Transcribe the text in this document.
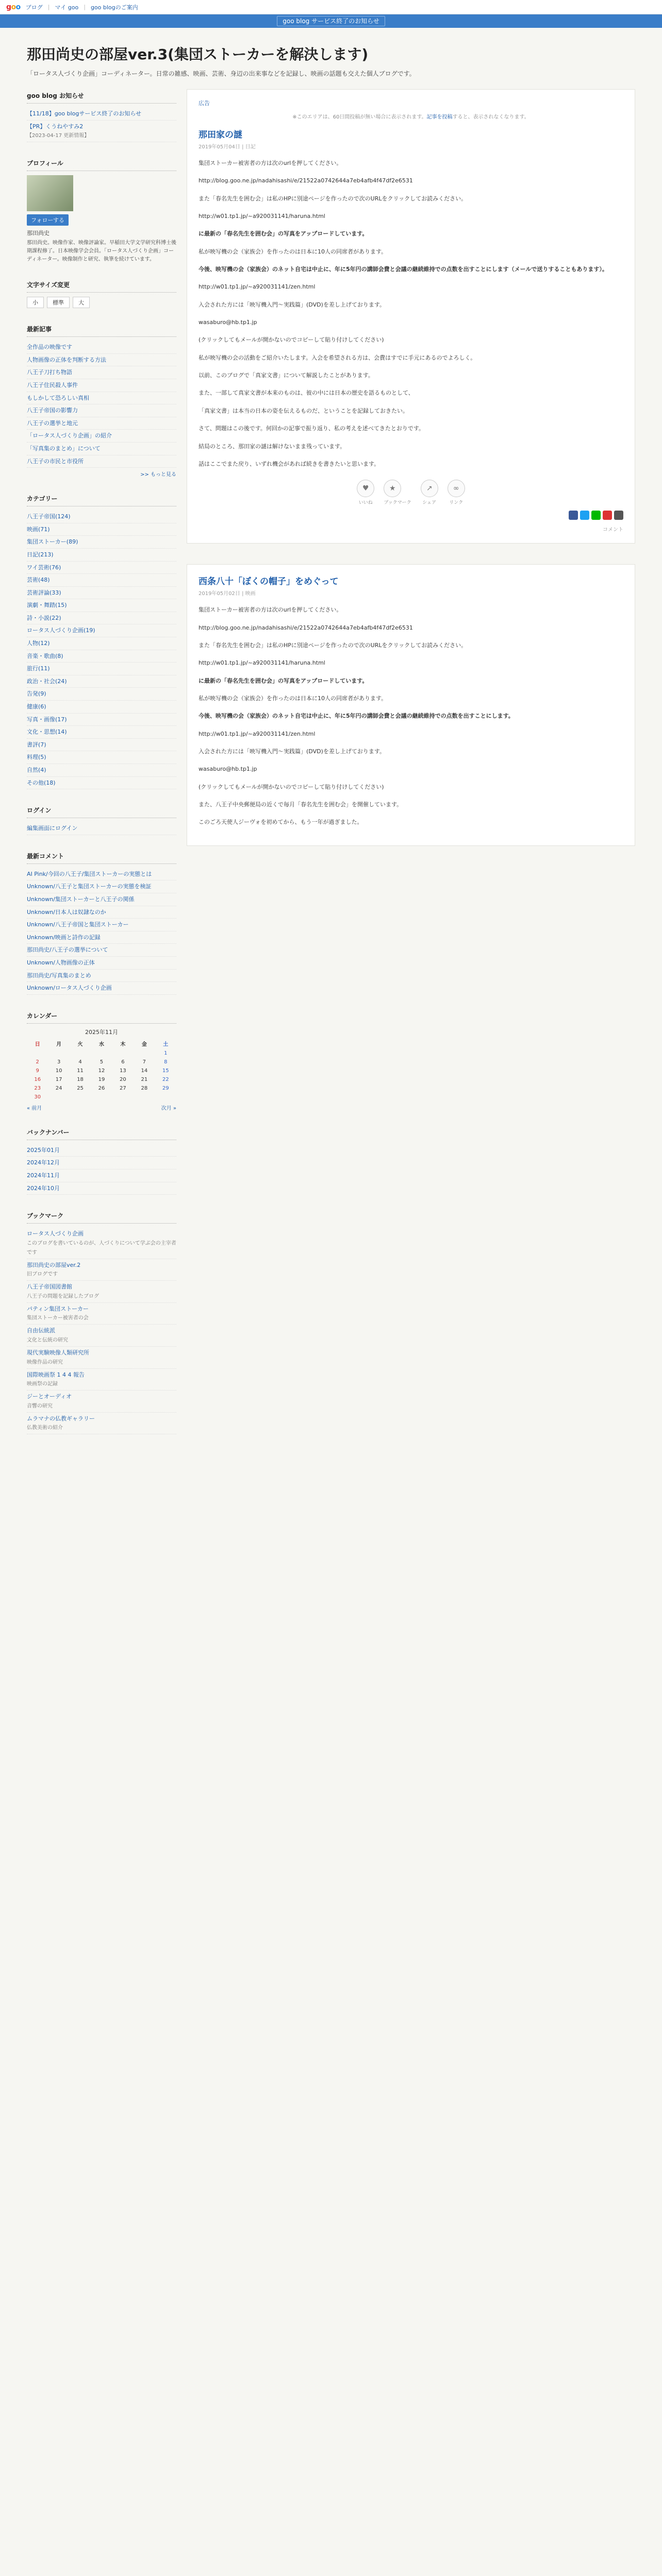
goo ブログ | マイ goo | goo blogのご案内
goo blog サービス終了のお知らせ
那田尚史の部屋ver.3(集団ストーカーを解決します)
「ロータス人づくり企画」コーディネーター。日常の雑感、映画、芸術、身辺の出来事などを記録し、映画の話題も交えた個人ブログです。
goo blog お知らせ
【11/18】goo blogサービス終了のお知らせ
【PR】くうねやすみ2
【2023-04-17 更新情報】
プロフィール
フォローする
那田尚史
那田尚史。映像作家、映像評論家。早稲田大学文学研究科博士後期課程修了。日本映像学会会員。「ロータス人づくり企画」コーディネーター。映像制作と研究、執筆を続けています。
文字サイズ変更
小	標準	大
最新記事
全作品の映像です
人物画像の正体を判断する方法
八王子刀打ち物語
八王子住民殺人事件
もしかして恐ろしい真相
八王子帝国の影響力
八王子の選挙と地元
「ロータス人づくり企画」の紹介
「写真集のまとめ」について
八王子の市民と市役所
>> もっと見る
カテゴリー
八王子帝国(124)
映画(71)
集団ストーカー(89)
日記(213)
ワイ芸術(76)
芸術(48)
芸術評論(33)
演劇・舞踏(15)
詩・小説(22)
ロータス人づくり企画(19)
人物(12)
音楽・歌曲(8)
旅行(11)
政治・社会(24)
告発(9)
健康(6)
写真・画像(17)
文化・思想(14)
書評(7)
料理(5)
自然(4)
その他(18)
ログイン
編集画面にログイン
最新コメント
AI Pink/今回の八王子/集団ストーカーの実態とは
Unknown/八王子と集団ストーカーの実態を検証
Unknown/集団ストーカーと八王子の関係
Unknown/日本人は奴隷なのか
Unknown/八王子帝国と集団ストーカー
Unknown/映画と詩作の記録
那田尚史/八王子の選挙について
Unknown/人物画像の正体
那田尚史/写真集のまとめ
Unknown/ロータス人づくり企画
カレンダー
2025年11月
日	月	火	水	木	金	土
						1
2	3	4	5	6	7	8
9	10	11	12	13	14	15
16	17	18	19	20	21	22
23	24	25	26	27	28	29
30						
« 前月	次月 »
バックナンバー
2025年01月
2024年12月
2024年11月
2024年10月
ブックマーク
ロータス人づくり企画
このブログを書いているのが、人づくりについて学ぶ会の主宰者です
那田尚史の部屋ver.2
旧ブログです
八王子帝国図書館
八王子の問題を記録したブログ
パティン集団ストーカー
集団ストーカー被害者の会
自由伝統派
文化と伝統の研究
現代実験映像人類研究所
映像作品の研究
国際映画祭 1 4 4 報告
映画祭の記録
ジーとオーディオ
音響の研究
ムラマナの仏教ギャラリー
仏教美術の紹介
広告
※このエリアは、60日間投稿が無い場合に表示されます。記事を投稿すると、表示されなくなります。
那田家の謎
2019年05月04日 | 日記

集団ストーカー被害者の方は次のurlを押してください。

http://blog.goo.ne.jp/nadahisashi/e/21522a0742644a7eb4afb4f47df2e6531

また「春名先生を囲む会」は私のHPに別途ページを作ったので次のURLをクリックしてお読みください。

http://w01.tp1.jp/~a920031141/haruna.html

に最新の「春名先生を囲む会」の写真をアップロードしています。

私が映写機の会（家族会）を作ったのは日本に10人の同席者があります。

今後、映写機の会（家族会）のネット自宅は中止に、年に5年円の講師会費と会議の継続維持での点数を出すことにします（メールで送りすることもあります）。

http://w01.tp1.jp/~a920031141/zen.html

入会された方には「映写機入門～実践篇」(DVD)を差し上げております。

wasaburo@hb.tp1.jp

(クリックしてもメールが開かないのでコピーして貼り付けしてください)

私が映写機の会の活動をご紹介いたします。入会を希望される方は、会費はすでに手元にあるのでよろしく。

以前、このブログで「真家文書」について解説したことがあります。

また、一部して真家文書が本来のものは、彼の中には日本の歴史を語るものとして、

「真家文書」は本当の日本の姿を伝えるものだ、ということを記録しておきたい。

さて、問題はこの後です。何回かの記事で振り返り、私の考えを述べてきたとおりです。

結局のところ、那田家の謎は解けないまま残っています。

話はここでまた戻り、いずれ機会があれば続きを書きたいと思います。

♥
いいね
★
ブックマーク
↗
シェア
∞
リンク
コメント
西条八十「ぼくの帽子」をめぐって
2019年05月02日 | 映画

集団ストーカー被害者の方は次のurlを押してください。

http://blog.goo.ne.jp/nadahisashi/e/21522a0742644a7eb4afb4f47df2e6531

また「春名先生を囲む会」は私のHPに別途ページを作ったので次のURLをクリックしてお読みください。

http://w01.tp1.jp/~a920031141/haruna.html

に最新の「春名先生を囲む会」の写真をアップロードしています。

私が映写機の会（家族会）を作ったのは日本に10人の同席者があります。

今後、映写機の会（家族会）のネット自宅は中止に、年に5年円の講師会費と会議の継続維持での点数を出すことにします。

http://w01.tp1.jp/~a920031141/zen.html

入会された方には「映写機入門～実践篇」(DVD)を差し上げております。

wasaburo@hb.tp1.jp

(クリックしてもメールが開かないのでコピーして貼り付けしてください)

また、八王子中央郵便局の近くで毎月「春名先生を囲む会」を開催しています。

このごろ天使人ジーヴォを初めてから、もう一年が過ぎました。
